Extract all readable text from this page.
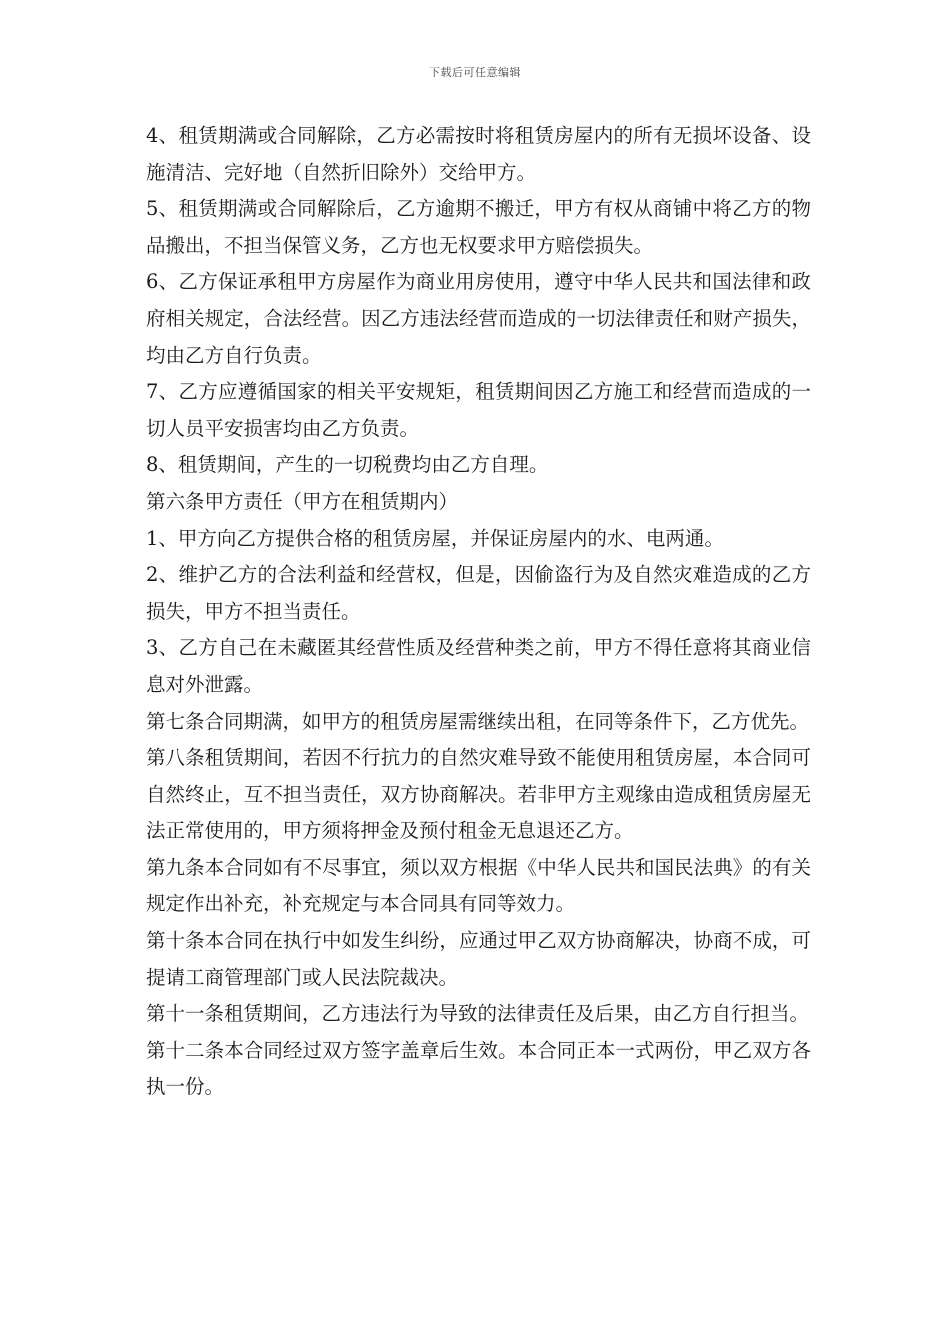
下载后可任意编辑

4、租赁期满或合同解除，乙方必需按时将租赁房屋内的所有无损坏设备、设施清洁、完好地（自然折旧除外）交给甲方。

5、租赁期满或合同解除后，乙方逾期不搬迁，甲方有权从商铺中将乙方的物品搬出，不担当保管义务，乙方也无权要求甲方赔偿损失。

6、乙方保证承租甲方房屋作为商业用房使用，遵守中华人民共和国法律和政府相关规定，合法经营。因乙方违法经营而造成的一切法律责任和财产损失，均由乙方自行负责。

7、乙方应遵循国家的相关平安规矩，租赁期间因乙方施工和经营而造成的一切人员平安损害均由乙方负责。

8、租赁期间，产生的一切税费均由乙方自理。

第六条甲方责任（甲方在租赁期内）

1、甲方向乙方提供合格的租赁房屋，并保证房屋内的水、电两通。

2、维护乙方的合法利益和经营权，但是，因偷盗行为及自然灾难造成的乙方损失，甲方不担当责任。

3、乙方自己在未藏匿其经营性质及经营种类之前，甲方不得任意将其商业信息对外泄露。

第七条合同期满，如甲方的租赁房屋需继续出租，在同等条件下，乙方优先。

第八条租赁期间，若因不行抗力的自然灾难导致不能使用租赁房屋，本合同可自然终止，互不担当责任，双方协商解决。若非甲方主观缘由造成租赁房屋无法正常使用的，甲方须将押金及预付租金无息退还乙方。

第九条本合同如有不尽事宜，须以双方根据《中华人民共和国民法典》的有关规定作出补充，补充规定与本合同具有同等效力。

第十条本合同在执行中如发生纠纷，应通过甲乙双方协商解决，协商不成，可提请工商管理部门或人民法院裁决。

第十一条租赁期间，乙方违法行为导致的法律责任及后果，由乙方自行担当。

第十二条本合同经过双方签字盖章后生效。本合同正本一式两份，甲乙双方各执一份。
